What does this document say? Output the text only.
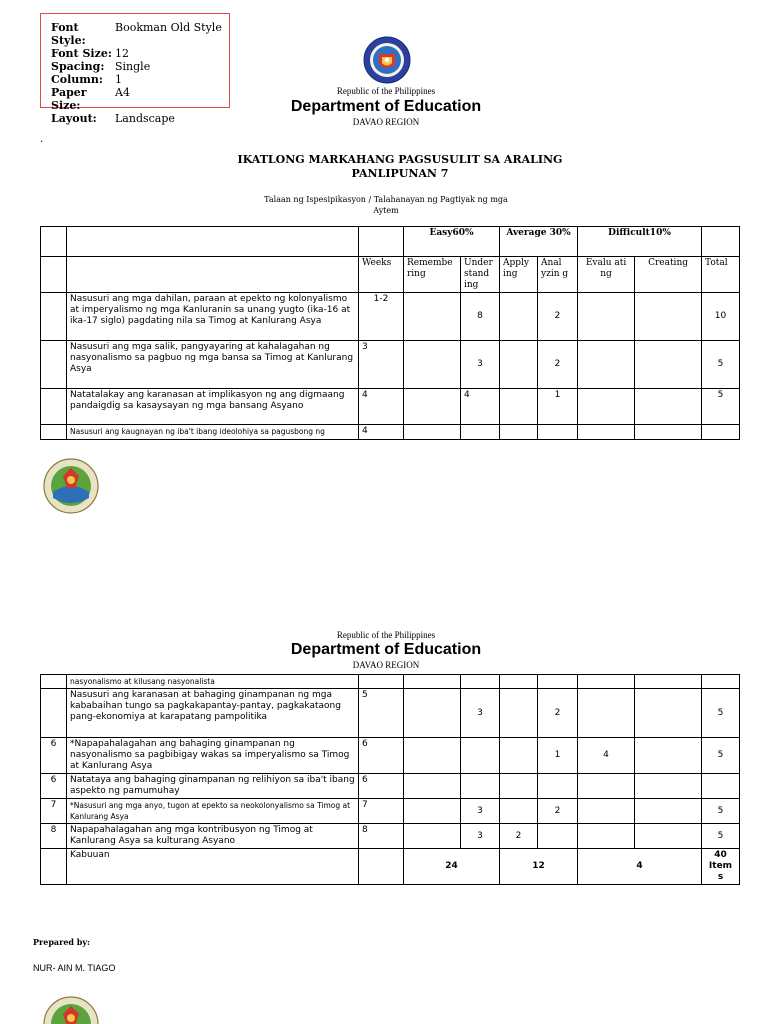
Font Style:
Bookman Old Style
Font Size: 12
Spacing: Single
Column:	1
Paper Size:
A4
Layout:	Landscape
Republic of the Philippines
Department of Education
DAVAO REGION
.
IKATLONG MARKAHANG PAGSUSULIT SA ARALING
PANLIPUNAN 7
Talaan ng Ispesipikasyon / Talahanayan ng Pagtiyak ng mga
Aytem
			Easy60%		Average 30%		Difficult10%		
		Weeks	Remembe ring	Under stand ing	Apply ing	Anal yzin g	Evalu ati ng	Creating	Total
	Nasusuri ang mga dahilan, paraan at epekto ng kolonyalismo at imperyalismo ng mga Kanluranin sa unang yugto (ika-16 at ika-17 siglo) pagdating nila sa Timog at Kanlurang Asya	1-2		8		2			10
	Nasusuri ang mga salik, pangyayaring at kahalagahan ng nasyonalismo sa pagbuo ng mga bansa sa Timog at Kanlurang Asya	3		3		2			5
	Natatalakay ang karanasan at implikasyon ng ang digmaang pandaigdig sa kasaysayan ng mga bansang Asyano	4		4		1			5
	Nasusuri ang kaugnayan ng iba't ibang ideolohiya sa pagusbong ng	4							
Republic of the Philippines
Department of Education
DAVAO REGION
	nasyonalismo at kilusang nasyonalista								
	Nasusuri ang karanasan at bahaging ginampanan ng mga kababaihan tungo sa pagkakapantay-pantay, pagkakataong pang-ekonomiya at karapatang pampolitika	5		3		2			5
6	*Napapahalagahan ang bahaging ginampanan ng nasyonalismo sa pagbibigay wakas sa imperyalismo sa Timog at Kanlurang Asya	6				1	4		5
6	Natataya ang bahaging ginampanan ng relihiyon sa iba't ibang aspekto ng pamumuhay	6							
7	*Nasusuri ang mga anyo, tugon at epekto sa neokolonyalismo sa Timog at Kanlurang Asya	7		3		2			5
8	Napapahalagahan ang mga kontribusyon ng Timog at Kanlurang Asya sa kulturang Asyano	8		3	2				5
	Kabuuan		24		12		4		40 Item s
Prepared by:
NUR- AIN M. TIAGO
